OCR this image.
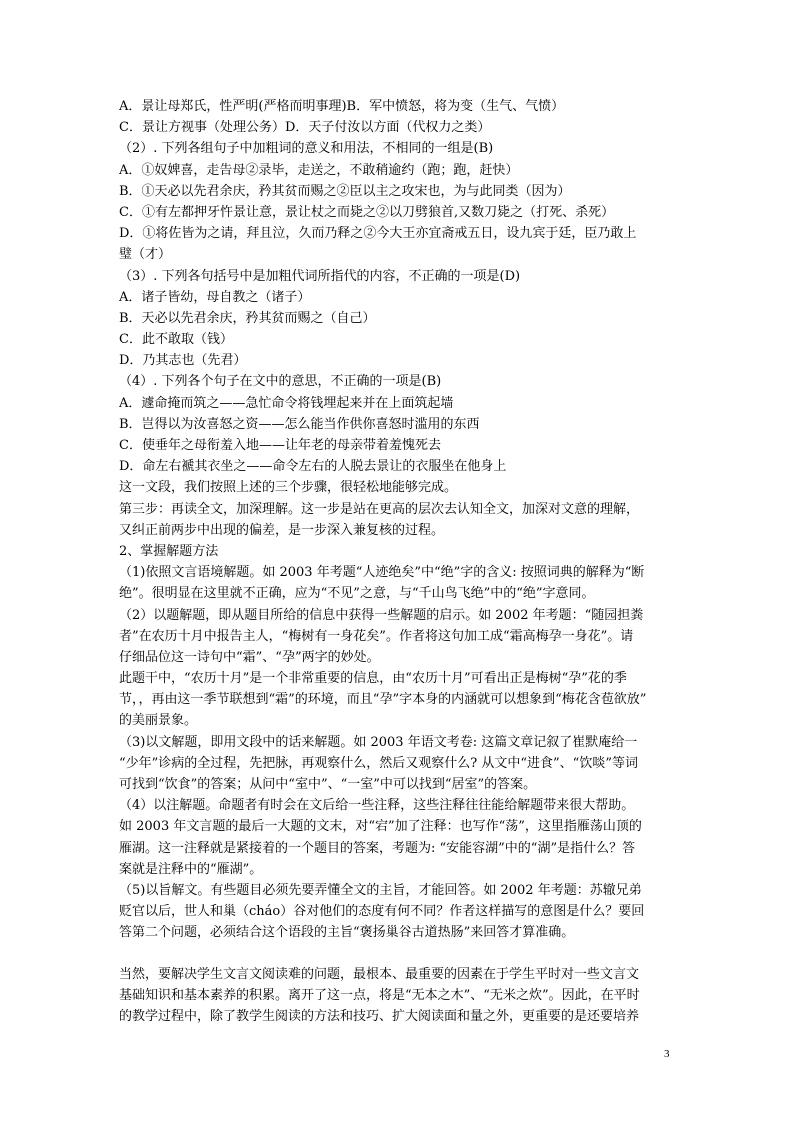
A．景让母郑氏，性严明(严格而明事理)B．军中愤怒，将为变（生气、气愤）
C．景让方视事（处理公务）D．天子付汝以方面（代权力之类）
（2）. 下列各组句子中加粗词的意义和用法，不相同的一组是(B)
A．①奴婢喜，走告母②录毕，走送之，不敢稍逾约（跑；跑，赶快）
B．①天必以先君余庆，矜其贫而赐之②臣以主之攻宋也，为与此同类（因为）
C．①有左都押牙忤景让意，景让杖之而毙之②以刀劈狼首,又数刀毙之（打死、杀死）
D．①将佐皆为之请，拜且泣，久而乃释之②今大王亦宜斋戒五日，设九宾于廷，臣乃敢上
璧（才）
（3）. 下列各句括号中是加粗代词所指代的内容，不正确的一项是(D)
A．诸子皆幼，母自教之（诸子）
B．天必以先君余庆，矜其贫而赐之（自己）
C．此不敢取（钱）
D．乃其志也（先君）
（4）. 下列各个句子在文中的意思，不正确的一项是(B)
A．遽命掩而筑之——急忙命令将钱埋起来并在上面筑起墙
B．岂得以为汝喜怒之资——怎么能当作供你喜怒时滥用的东西
C．使垂年之母衔羞入地——让年老的母亲带着羞愧死去
D．命左右褫其衣坐之——命令左右的人脱去景让的衣服坐在他身上
这一文段，我们按照上述的三个步骤，很轻松地能够完成。
第三步：再读全文，加深理解。这一步是站在更高的层次去认知全文，加深对文意的理解，
又纠正前两步中出现的偏差，是一步深入兼复核的过程。
2、掌握解题方法
（1)依照文言语境解题。如 2003 年考题“人迹绝矣”中“绝”字的含义: 按照词典的解释为“断
绝”。很明显在这里就不正确，应为“不见”之意，与“千山鸟飞绝”中的“绝”字意同。
（2）以题解题，即从题目所给的信息中获得一些解题的启示。如 2002 年考题：“随园担粪
者”在农历十月中报告主人，“梅树有一身花矣”。作者将这句加工成“霜高梅孕一身花”。请
仔细品位这一诗句中“霜”、“孕”两字的妙处。
此题干中，“农历十月”是一个非常重要的信息，由“农历十月”可看出正是梅树“孕”花的季
节，，再由这一季节联想到“霜”的环境，而且“孕”字本身的内涵就可以想象到“梅花含苞欲放”
的美丽景象。
（3)以文解题，即用文段中的话来解题。如 2003 年语文考卷: 这篇文章记叙了崔默庵给一
“少年”诊病的全过程，先把脉，再观察什么，然后又观察什么? 从文中“进食”、“饮啖”等词
可找到“饮食”的答案；从问中“室中”、“一室”中可以找到“居室”的答案。
（4）以注解题。命题者有时会在文后给一些注释，这些注释往往能给解题带来很大帮助。
如 2003 年文言题的最后一大题的文末，对“宕”加了注释：也写作“荡”，这里指雁荡山顶的
雁湖。这一注释就是紧接着的一个题目的答案，考题为: “安能容湖”中的“湖”是指什么？答
案就是注释中的“雁湖”。
（5)以旨解文。有些题目必须先要弄懂全文的主旨，才能回答。如 2002 年考题：苏辙兄弟
贬官以后，世人和巢（cháo）谷对他们的态度有何不同？作者这样描写的意图是什么？要回
答第二个问题，必须结合这个语段的主旨“褒扬巢谷古道热肠”来回答才算准确。
当然，要解决学生文言文阅读难的问题，最根本、最重要的因素在于学生平时对一些文言文
基础知识和基本素养的积累。离开了这一点，将是“无本之木”、“无米之炊”。因此，在平时
的教学过程中，除了教学生阅读的方法和技巧、扩大阅读面和量之外，更重要的是还要培养
3
